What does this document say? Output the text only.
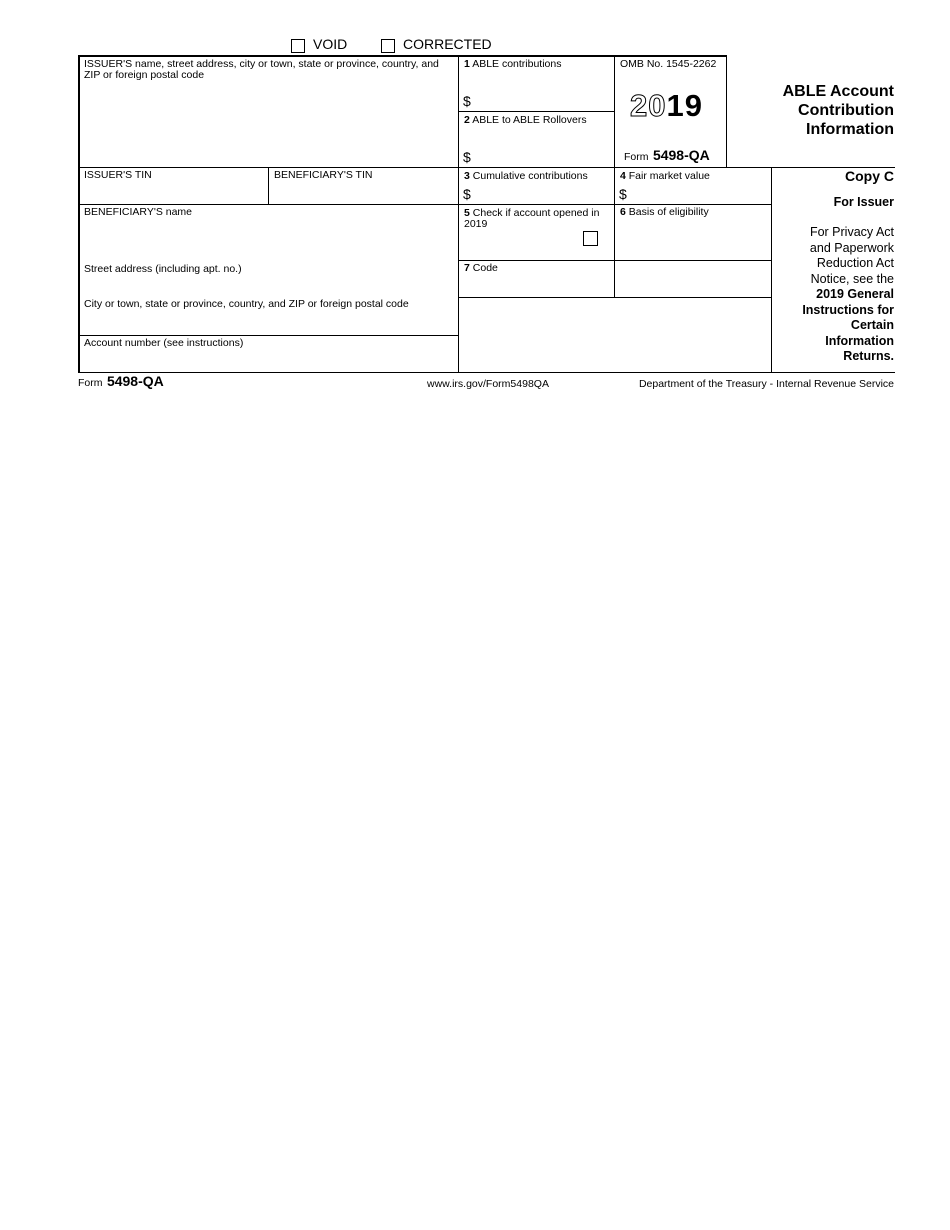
VOID	CORRECTED
ISSUER'S name, street address, city or town, state or province, country, and ZIP or foreign postal code
ISSUER'S TIN	BENEFICIARY'S TIN
BENEFICIARY'S name
Street address (including apt. no.)
City or town, state or province, country, and ZIP or foreign postal code
Account number (see instructions)
1 ABLE contributions
$
2 ABLE to ABLE Rollovers
$
OMB No. 1545-2262
2019
Form 5498-QA
ABLE Account
Contribution
Information
3 Cumulative contributions
$
4 Fair market value
$
5 Check if account opened in 2019
6 Basis of eligibility
7 Code
Copy C
For Issuer
For Privacy Act
and Paperwork
Reduction Act
Notice, see the
2019 General
Instructions for
Certain
Information
Returns.
Form 5498-QA	www.irs.gov/Form5498QA	Department of the Treasury - Internal Revenue Service
